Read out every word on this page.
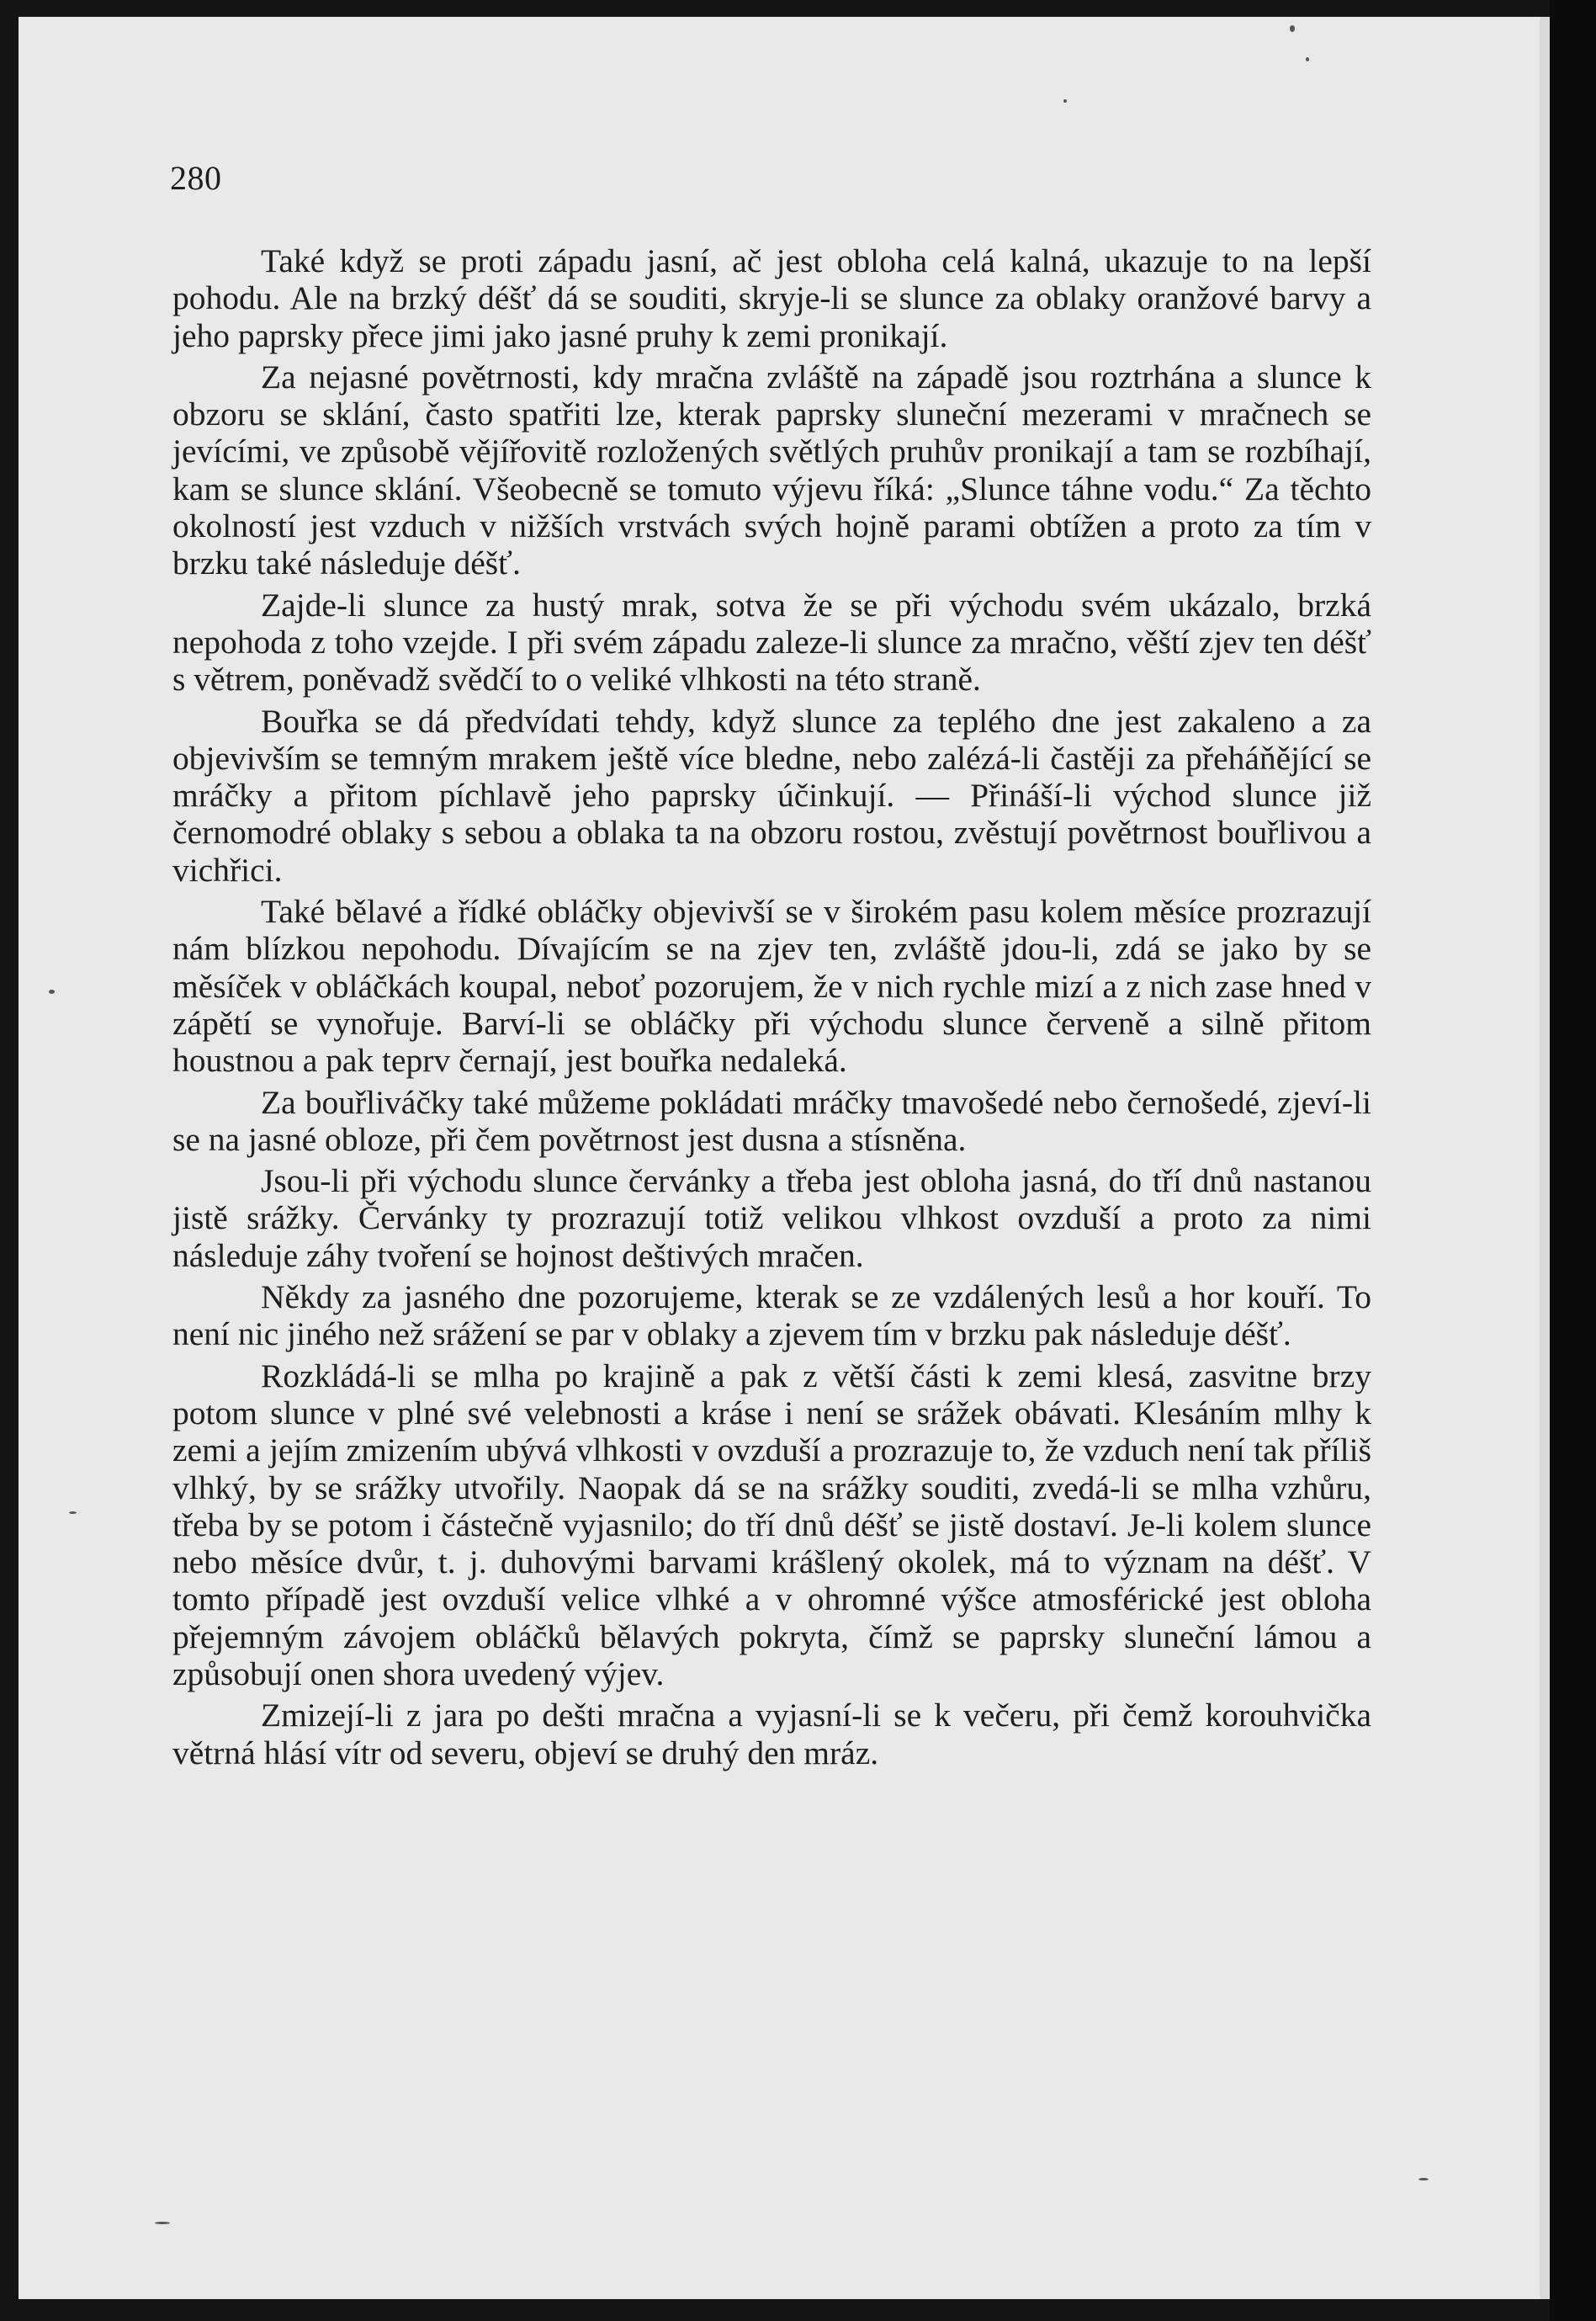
280

Také když se proti západu jasní, ač jest obloha celá kalná, ukazuje to na lepší pohodu. Ale na brzký déšť dá se souditi, skryje-li se slunce za oblaky oranžové barvy a jeho paprsky přece jimi jako jasné pruhy k zemi pronikají.

Za nejasné povětrnosti, kdy mračna zvláště na západě jsou roztrhána a slunce k obzoru se sklání, často spatřiti lze, kterak paprsky sluneční mezerami v mračnech se jevícími, ve způsobě vějířovitě rozložených světlých pruhův pronikají a tam se rozbíhají, kam se slunce sklání. Všeobecně se tomuto výjevu říká: „Slunce táhne vodu.“ Za těchto okolností jest vzduch v nižších vrstvách svých hojně parami obtížen a proto za tím v brzku také následuje déšť.

Zajde-li slunce za hustý mrak, sotva že se při východu svém ukázalo, brzká nepohoda z toho vzejde. I při svém západu zaleze-li slunce za mračno, věští zjev ten déšť s větrem, poněvadž svědčí to o veliké vlhkosti na této straně.

Bouřka se dá předvídati tehdy, když slunce za teplého dne jest zakaleno a za objevivším se temným mrakem ještě více bledne, nebo zalézá-li častěji za přeháňějící se mráčky a přitom píchlavě jeho paprsky účinkují. — Přináší-li východ slunce již černomodré oblaky s sebou a oblaka ta na obzoru rostou, zvěstují povětrnost bouřlivou a vichřici.

Také bělavé a řídké obláčky objevivší se v širokém pasu kolem měsíce prozrazují nám blízkou nepohodu. Dívajícím se na zjev ten, zvláště jdou-li, zdá se jako by se měsíček v obláčkách koupal, neboť pozorujem, že v nich rychle mizí a z nich zase hned v zápětí se vynořuje. Barví-li se obláčky při východu slunce červeně a silně přitom houstnou a pak teprv černají, jest bouřka nedaleká.

Za bouřliváčky také můžeme pokládati mráčky tmavošedé nebo černošedé, zjeví-li se na jasné obloze, při čem povětrnost jest dusna a stísněna.

Jsou-li při východu slunce červánky a třeba jest obloha jasná, do tří dnů nastanou jistě srážky. Červánky ty prozrazují totiž velikou vlhkost ovzduší a proto za nimi následuje záhy tvoření se hojnost deštivých mračen.

Někdy za jasného dne pozorujeme, kterak se ze vzdálených lesů a hor kouří. To není nic jiného než srážení se par v oblaky a zjevem tím v brzku pak následuje déšť.

Rozkládá-li se mlha po krajině a pak z větší části k zemi klesá, zasvitne brzy potom slunce v plné své velebnosti a kráse i není se srážek obávati. Klesáním mlhy k zemi a jejím zmizením ubývá vlhkosti v ovzduší a prozrazuje to, že vzduch není tak příliš vlhký, by se srážky utvořily. Naopak dá se na srážky souditi, zvedá-li se mlha vzhůru, třeba by se potom i částečně vyjasnilo; do tří dnů déšť se jistě dostaví. Je-li kolem slunce nebo měsíce dvůr, t. j. duhovými barvami krášlený okolek, má to význam na déšť. V tomto případě jest ovzduší velice vlhké a v ohromné výšce atmosférické jest obloha přejemným závojem obláčků bělavých pokryta, čímž se paprsky sluneční lámou a způsobují onen shora uvedený výjev.

Zmizejí-li z jara po dešti mračna a vyjasní-li se k večeru, při čemž korouhvička větrná hlásí vítr od severu, objeví se druhý den mráz.
